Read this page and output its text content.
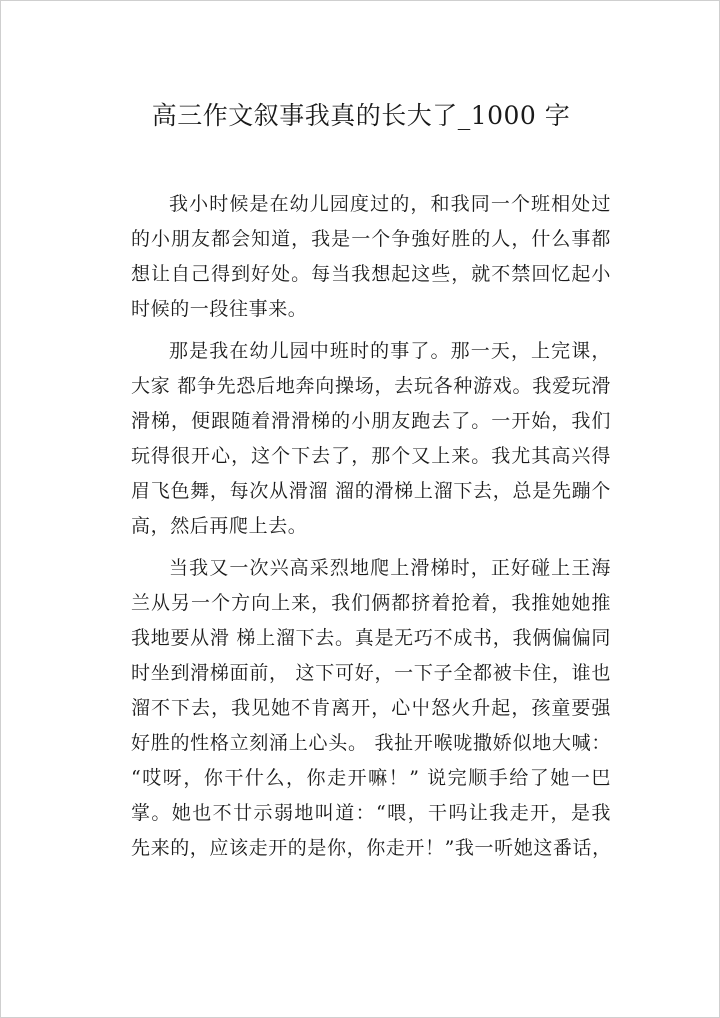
高三作文叙事我真的长大了_1000 字
我小时候是在幼儿园度过的，和我同一个班相处过
的小朋友都会知道，我是一个争強好胜的人，什么事都
想让自己得到好处。每当我想起这些，就不禁回忆起小
时候的一段往事来。
那是我在幼儿园中班时的事了。那一天，上完课，
大家 都争先恐后地奔向操场，去玩各种游戏。我爱玩滑
滑梯，便跟随着滑滑梯的小朋友跑去了。一开始，我们
玩得很开心，这个下去了，那个又上来。我尤其高兴得
眉飞色舞，每次从滑溜 溜的滑梯上溜下去，总是先蹦个
高，然后再爬上去。
当我又一次兴高采烈地爬上滑梯时，正好碰上王海
兰从另一个方向上来，我们俩都挤着抢着，我推她她推
我地要从滑 梯上溜下去。真是无巧不成书，我俩偏偏同
时坐到滑梯面前， 这下可好，一下子全都被卡住，谁也
溜不下去，我见她不肯离开，心屮怒火升起，孩童要强
好胜的性格立刻涌上心头。 我扯开喉咙撒娇似地大喊：
“哎呀，你干什么，你走开嘛！” 说完顺手给了她一巴
掌。她也不廿示弱地叫道：“喂，干吗让我走开，是我
先来的，应该走开的是你，你走开！”我一听她这番话，
